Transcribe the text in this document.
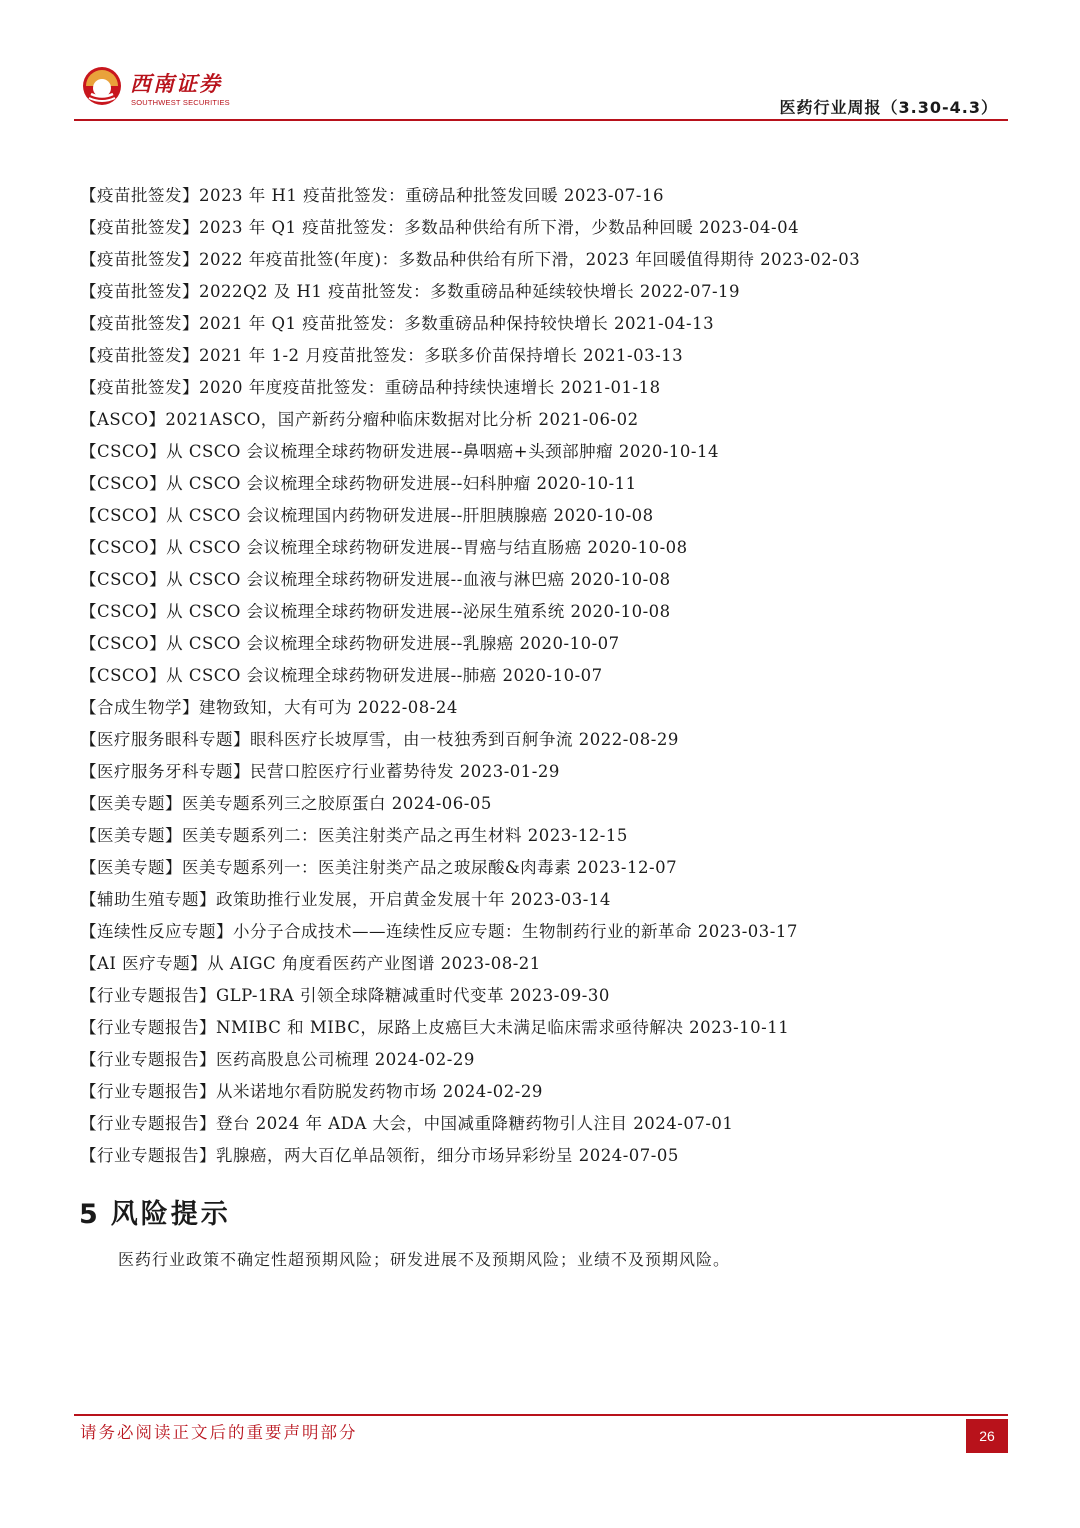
西南证券
SOUTHWEST SECURITIES	医药行业周报（3.30-4.3）
【疫苗批签发】2023 年 H1 疫苗批签发：重磅品种批签发回暖 2023-07-16
【疫苗批签发】2023 年 Q1 疫苗批签发：多数品种供给有所下滑，少数品种回暖 2023-04-04
【疫苗批签发】2022 年疫苗批签(年度)：多数品种供给有所下滑，2023 年回暖值得期待 2023-02-03
【疫苗批签发】2022Q2 及 H1 疫苗批签发：多数重磅品种延续较快增长 2022-07-19
【疫苗批签发】2021 年 Q1 疫苗批签发：多数重磅品种保持较快增长 2021-04-13
【疫苗批签发】2021 年 1-2 月疫苗批签发：多联多价苗保持增长 2021-03-13
【疫苗批签发】2020 年度疫苗批签发：重磅品种持续快速增长 2021-01-18
【ASCO】2021ASCO，国产新药分瘤种临床数据对比分析 2021-06-02
【CSCO】从 CSCO 会议梳理全球药物研发进展--鼻咽癌+头颈部肿瘤 2020-10-14
【CSCO】从 CSCO 会议梳理全球药物研发进展--妇科肿瘤 2020-10-11
【CSCO】从 CSCO 会议梳理国内药物研发进展--肝胆胰腺癌 2020-10-08
【CSCO】从 CSCO 会议梳理全球药物研发进展--胃癌与结直肠癌 2020-10-08
【CSCO】从 CSCO 会议梳理全球药物研发进展--血液与淋巴癌 2020-10-08
【CSCO】从 CSCO 会议梳理全球药物研发进展--泌尿生殖系统 2020-10-08
【CSCO】从 CSCO 会议梳理全球药物研发进展--乳腺癌 2020-10-07
【CSCO】从 CSCO 会议梳理全球药物研发进展--肺癌 2020-10-07
【合成生物学】建物致知，大有可为 2022-08-24
【医疗服务眼科专题】眼科医疗长坡厚雪，由一枝独秀到百舸争流 2022-08-29
【医疗服务牙科专题】民营口腔医疗行业蓄势待发 2023-01-29
【医美专题】医美专题系列三之胶原蛋白 2024-06-05
【医美专题】医美专题系列二：医美注射类产品之再生材料 2023-12-15
【医美专题】医美专题系列一：医美注射类产品之玻尿酸&肉毒素 2023-12-07
【辅助生殖专题】政策助推行业发展，开启黄金发展十年 2023-03-14
【连续性反应专题】小分子合成技术——连续性反应专题：生物制药行业的新革命 2023-03-17
【AI 医疗专题】从 AIGC 角度看医药产业图谱 2023-08-21
【行业专题报告】GLP-1RA 引领全球降糖减重时代变革 2023-09-30
【行业专题报告】NMIBC 和 MIBC，尿路上皮癌巨大未满足临床需求亟待解决 2023-10-11
【行业专题报告】医药高股息公司梳理 2024-02-29
【行业专题报告】从米诺地尔看防脱发药物市场 2024-02-29
【行业专题报告】登台 2024 年 ADA 大会，中国减重降糖药物引人注目 2024-07-01
【行业专题报告】乳腺癌，两大百亿单品领衔，细分市场异彩纷呈 2024-07-05
5 风险提示
医药行业政策不确定性超预期风险；研发进展不及预期风险；业绩不及预期风险。
请务必阅读正文后的重要声明部分	26
